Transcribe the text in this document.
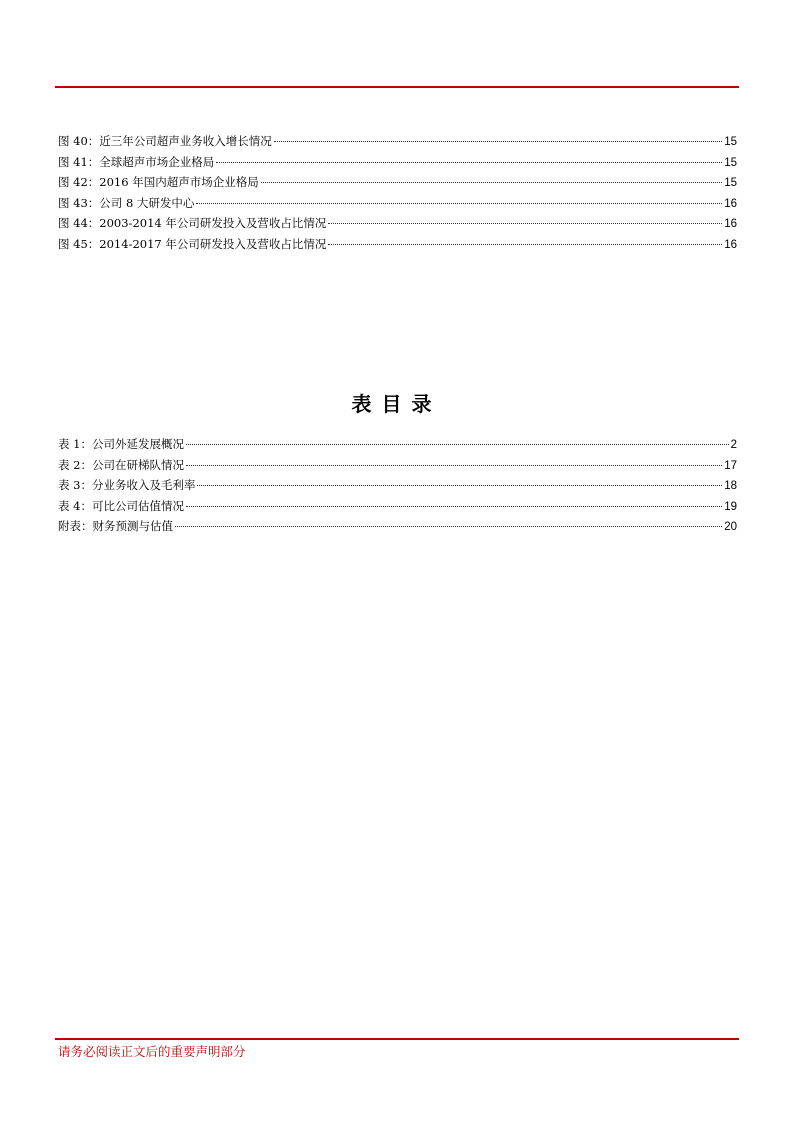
图 40：近三年公司超声业务收入增长情况	15
图 41：全球超声市场企业格局	15
图 42：2016 年国内超声市场企业格局	15
图 43：公司 8 大研发中心	16
图 44：2003-2014 年公司研发投入及营收占比情况	16
图 45：2014-2017 年公司研发投入及营收占比情况	16
表目录
表 1：公司外延发展概况	2
表 2：公司在研梯队情况	17
表 3：分业务收入及毛利率	18
表 4：可比公司估值情况	19
附表：财务预测与估值	20
请务必阅读正文后的重要声明部分
